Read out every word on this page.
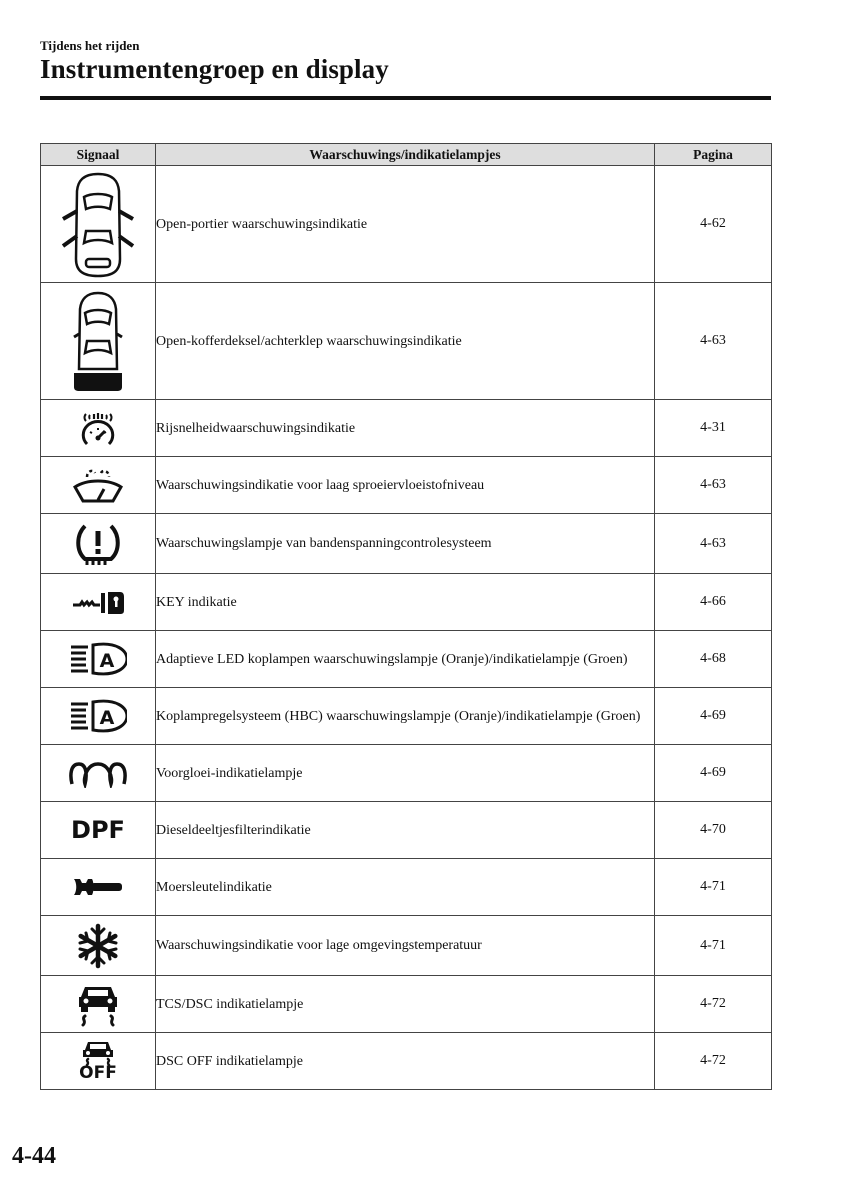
Tijdens het rijden
Instrumentengroep en display
Signaal	Waarschuwings/indikatielampjes	Pagina

	Open-portier waarschuwingsindikatie	4-62

	Open-kofferdeksel/achterklep waarschuwingsindikatie	4-63

	Rijsnelheidwaarschuwingsindikatie	4-31

	Waarschuwingsindikatie voor laag sproeiervloeistofniveau	4-63

	Waarschuwingslampje van bandenspanningcontrolesysteem	4-63

	KEY indikatie	4-66

A	Adaptieve LED koplampen waarschuwingslampje (Oranje)/indikatielampje (Groen)	4-68

A	Koplampregelsysteem (HBC) waarschuwingslampje (Oranje)/indikatielampje (Groen)	4-69

	Voorgloei-indikatielampje	4-69
DPF	Dieseldeeltjesfilterindikatie	4-70

	Moersleutelindikatie	4-71

	Waarschuwingsindikatie voor lage omgevingstemperatuur	4-71

	TCS/DSC indikatielampje	4-72

OFF	DSC OFF indikatielampje	4-72
4-44
